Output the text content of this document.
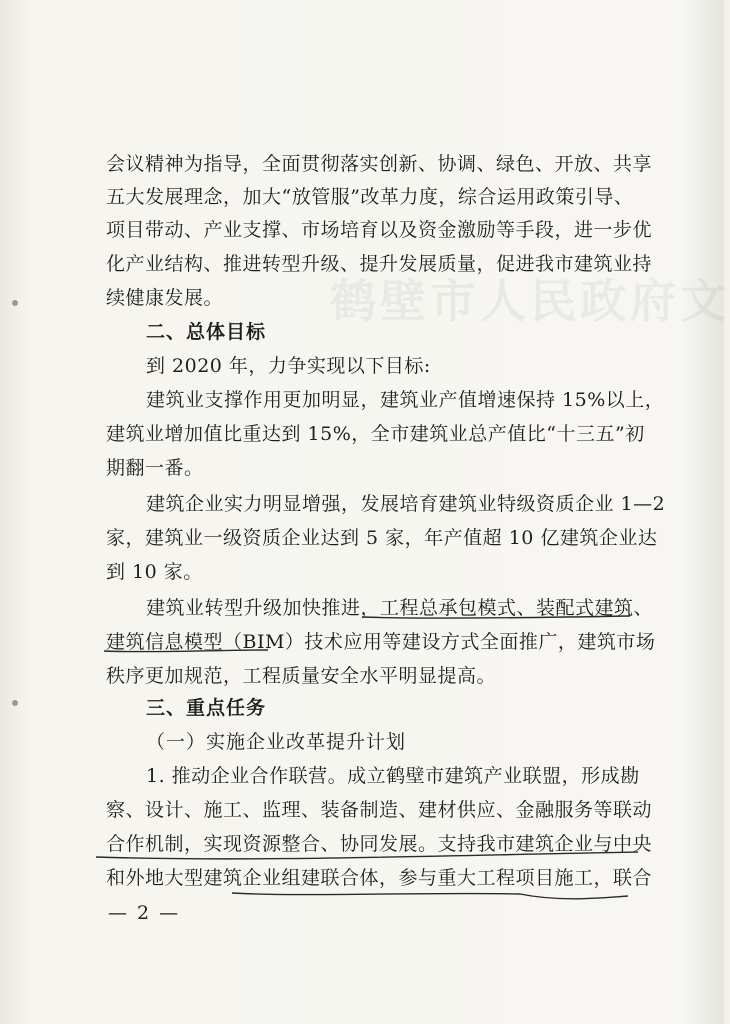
鹤壁市人民政府文
会议精神为指导，全面贯彻落实创新、协调、绿色、开放、共享
五大发展理念，加大“放管服”改革力度，综合运用政策引导、
项目带动、产业支撑、市场培育以及资金激励等手段，进一步优
化产业结构、推进转型升级、提升发展质量，促进我市建筑业持
续健康发展。
二、总体目标
到 2020 年，力争实现以下目标:
建筑业支撑作用更加明显，建筑业产值增速保持 15%以上，
建筑业增加值比重达到 15%，全市建筑业总产值比“十三五”初
期翻一番。
建筑企业实力明显增强，发展培育建筑业特级资质企业 1—2
家，建筑业一级资质企业达到 5 家，年产值超 10 亿建筑企业达
到 10 家。
建筑业转型升级加快推进，工程总承包模式、装配式建筑、
建筑信息模型（BIM）技术应用等建设方式全面推广，建筑市场
秩序更加规范，工程质量安全水平明显提高。
三、重点任务
（一）实施企业改革提升计划
1. 推动企业合作联营。成立鹤壁市建筑产业联盟，形成勘
察、设计、施工、监理、装备制造、建材供应、金融服务等联动
合作机制，实现资源整合、协同发展。支持我市建筑企业与中央
和外地大型建筑企业组建联合体，参与重大工程项目施工，联合
— 2 —
